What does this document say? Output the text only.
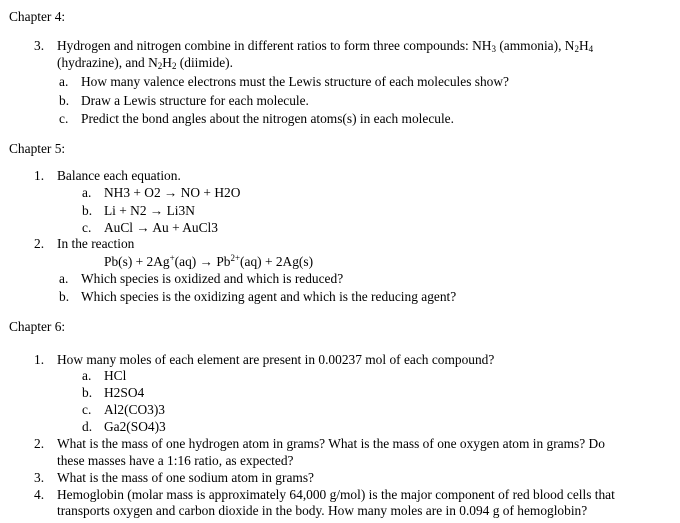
Chapter 4:
3. Hydrogen and nitrogen combine in different ratios to form three compounds: $NH_3$ (ammonia), $N_2H_4$
(hydrazine), and $N_2H_2$ (diimide).
a. How many valence electrons must the Lewis structure of each molecules show?
b. Draw a Lewis structure for each molecule.
c. Predict the bond angles about the nitrogen atoms(s) in each molecule.
Chapter 5:
1. Balance each equation.
a. NH3 + O2 → NO + H2O
b. Li + N2 → Li3N
c. AuCl → Au + AuCl3
2. In the reaction
$Pb(s) + 2Ag^+(aq) \to Pb^{2+}(aq) + 2Ag(s)$
a. Which species is oxidized and which is reduced?
b. Which species is the oxidizing agent and which is the reducing agent?
Chapter 6:
1. How many moles of each element are present in 0.00237 mol of each compound?
a. HCl
b. H2SO4
c. Al2(CO3)3
d. Ga2(SO4)3
2. What is the mass of one hydrogen atom in grams? What is the mass of one oxygen atom in grams? Do
these masses have a 1:16 ratio, as expected?
3. What is the mass of one sodium atom in grams?
4. Hemoglobin (molar mass is approximately 64,000 g/mol) is the major component of red blood cells that
transports oxygen and carbon dioxide in the body. How many moles are in 0.094 g of hemoglobin?
